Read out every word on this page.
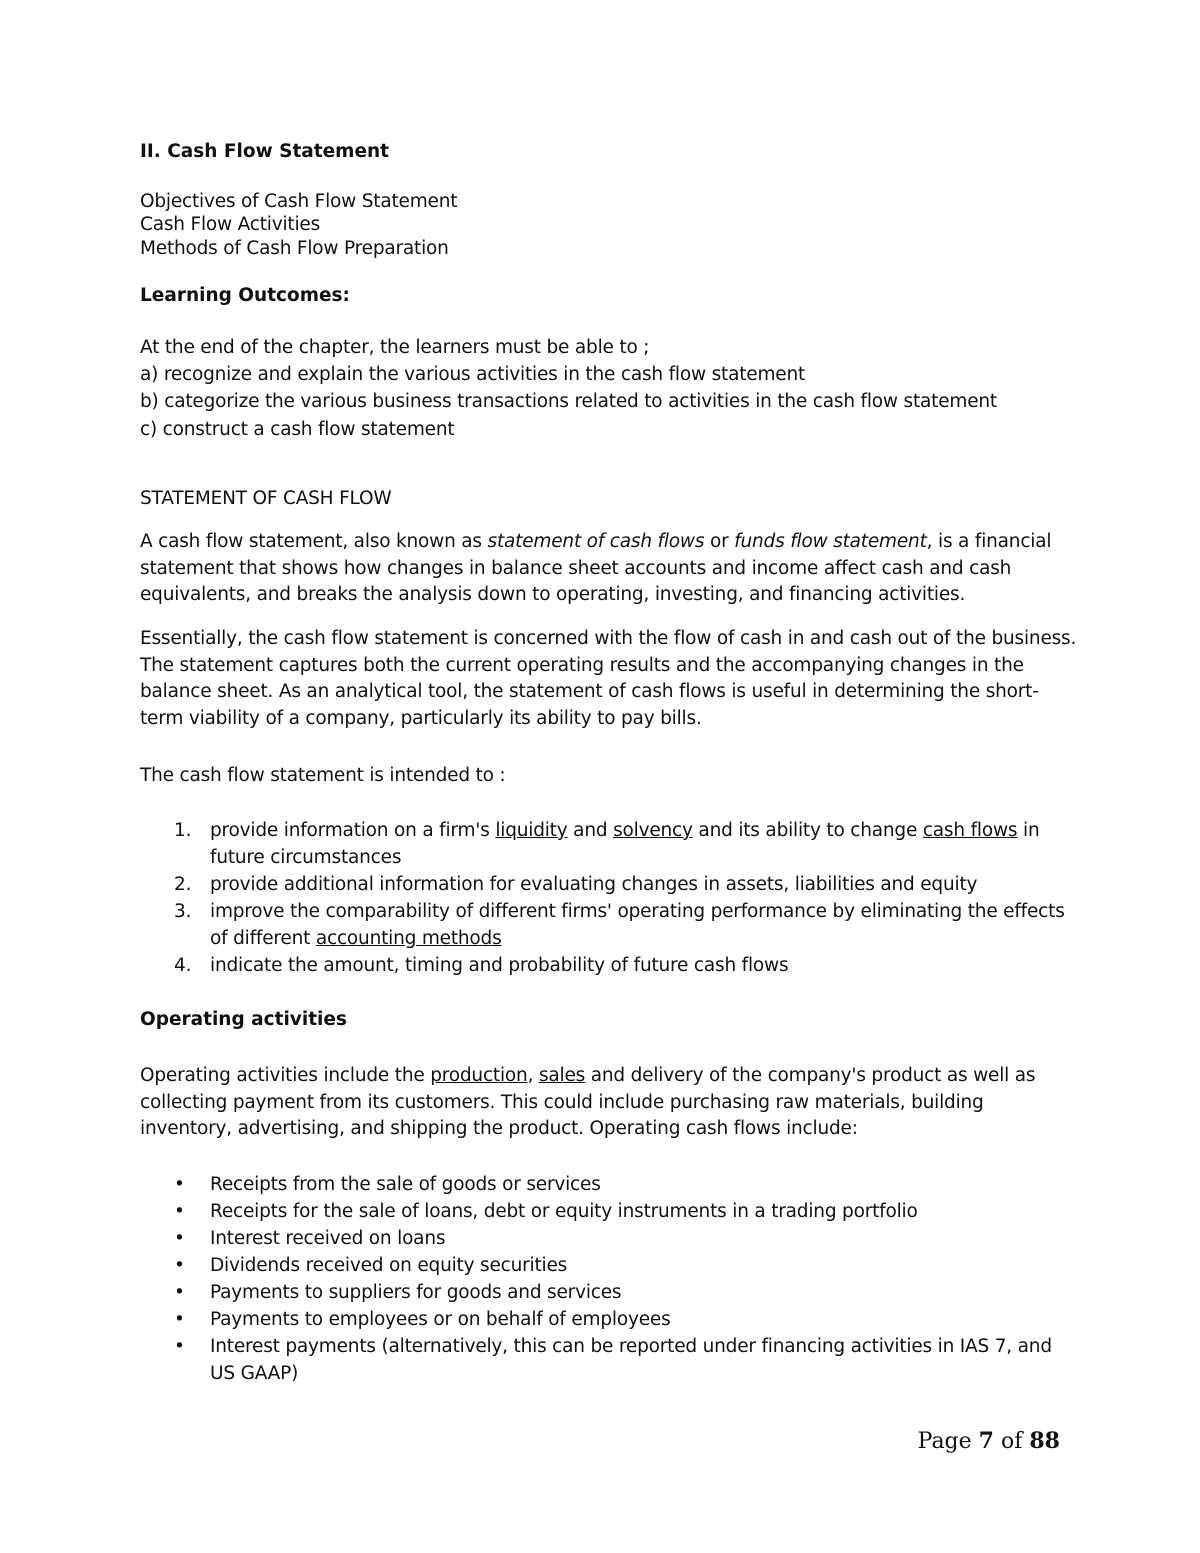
II. Cash Flow Statement
Objectives of Cash Flow Statement
Cash Flow Activities
Methods of Cash Flow Preparation
Learning Outcomes:
At the end of the chapter, the learners must be able to ;
a) recognize and explain the various activities in the cash flow statement
b) categorize the various business transactions related to activities in the cash flow statement
c) construct a cash flow statement
STATEMENT OF CASH FLOW
A cash flow statement, also known as statement of cash flows or funds flow statement, is a financial statement that shows how changes in balance sheet accounts and income affect cash and cash equivalents, and breaks the analysis down to operating, investing, and financing activities.
Essentially, the cash flow statement is concerned with the flow of cash in and cash out of the business. The statement captures both the current operating results and the accompanying changes in the balance sheet. As an analytical tool, the statement of cash flows is useful in determining the short-term viability of a company, particularly its ability to pay bills.
The cash flow statement is intended to :
1. provide information on a firm's liquidity and solvency and its ability to change cash flows in future circumstances
2. provide additional information for evaluating changes in assets, liabilities and equity
3. improve the comparability of different firms' operating performance by eliminating the effects of different accounting methods
4. indicate the amount, timing and probability of future cash flows
Operating activities
Operating activities include the production, sales and delivery of the company's product as well as collecting payment from its customers. This could include purchasing raw materials, building inventory, advertising, and shipping the product. Operating cash flows include:
• Receipts from the sale of goods or services
• Receipts for the sale of loans, debt or equity instruments in a trading portfolio
• Interest received on loans
• Dividends received on equity securities
• Payments to suppliers for goods and services
• Payments to employees or on behalf of employees
• Interest payments (alternatively, this can be reported under financing activities in IAS 7, and US GAAP)
Page 7 of 88
